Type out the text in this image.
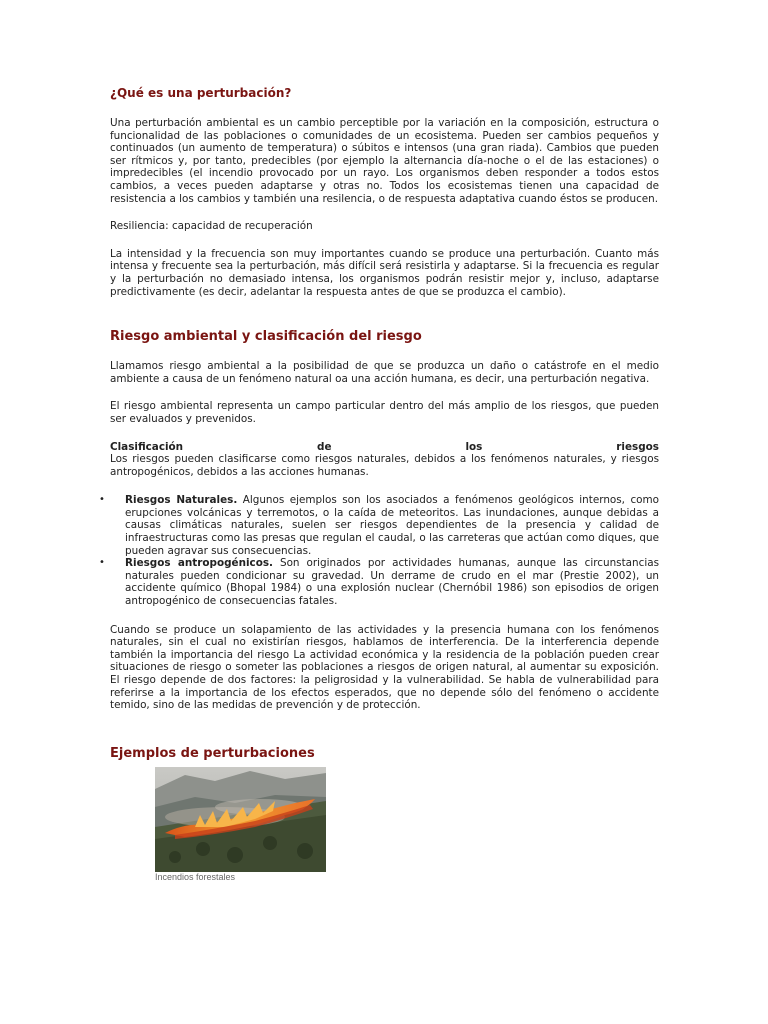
¿Qué es una perturbación?

Una perturbación ambiental es un cambio perceptible por la variación en la composición, estructura o funcionalidad de las poblaciones o comunidades de un ecosistema. Pueden ser cambios pequeños y continuados (un aumento de temperatura) o súbitos e intensos (una gran riada). Cambios que pueden ser rítmicos y, por tanto, predecibles (por ejemplo la alternancia día-noche o el de las estaciones) o impredecibles (el incendio provocado por un rayo. Los organismos deben responder a todos estos cambios, a veces pueden adaptarse y otras no. Todos los ecosistemas tienen una capacidad de resistencia a los cambios y también una resilencia, o de respuesta adaptativa cuando éstos se producen.

Resiliencia: capacidad de recuperación

La intensidad y la frecuencia son muy importantes cuando se produce una perturbación. Cuanto más intensa y frecuente sea la perturbación, más difícil será resistirla y adaptarse. Si la frecuencia es regular y la perturbación no demasiado intensa, los organismos podrán resistir mejor y, incluso, adaptarse predictivamente (es decir, adelantar la respuesta antes de que se produzca el cambio).

Riesgo ambiental y clasificación del riesgo

Llamamos riesgo ambiental a la posibilidad de que se produzca un daño o catástrofe en el medio ambiente a causa de un fenómeno natural oa una acción humana, es decir, una perturbación negativa.

El riesgo ambiental representa un campo particular dentro del más amplio de los riesgos, que pueden ser evaluados y prevenidos.

Clasificación	de	los	riesgos

Los riesgos pueden clasificarse como riesgos naturales, debidos a los fenómenos naturales, y riesgos antropogénicos, debidos a las acciones humanas.

• Riesgos Naturales. Algunos ejemplos son los asociados a fenómenos geológicos internos, como erupciones volcánicas y terremotos, o la caída de meteoritos. Las inundaciones, aunque debidas a causas climáticas naturales, suelen ser riesgos dependientes de la presencia y calidad de infraestructuras como las presas que regulan el caudal, o las carreteras que actúan como diques, que pueden agravar sus consecuencias.
• Riesgos antropogénicos. Son originados por actividades humanas, aunque las circunstancias naturales pueden condicionar su gravedad. Un derrame de crudo en el mar (Prestie 2002), un accidente químico (Bhopal 1984) o una explosión nuclear (Chernóbil 1986) son episodios de origen antropogénico de consecuencias fatales.

Cuando se produce un solapamiento de las actividades y la presencia humana con los fenómenos naturales, sin el cual no existirían riesgos, hablamos de interferencia. De la interferencia depende también la importancia del riesgo La actividad económica y la residencia de la población pueden crear situaciones de riesgo o someter las poblaciones a riesgos de origen natural, al aumentar su exposición. El riesgo depende de dos factores: la peligrosidad y la vulnerabilidad. Se habla de vulnerabilidad para referirse a la importancia de los efectos esperados, que no depende sólo del fenómeno o accidente temido, sino de las medidas de prevención y de protección.

Ejemplos de perturbaciones
Incendios forestales
